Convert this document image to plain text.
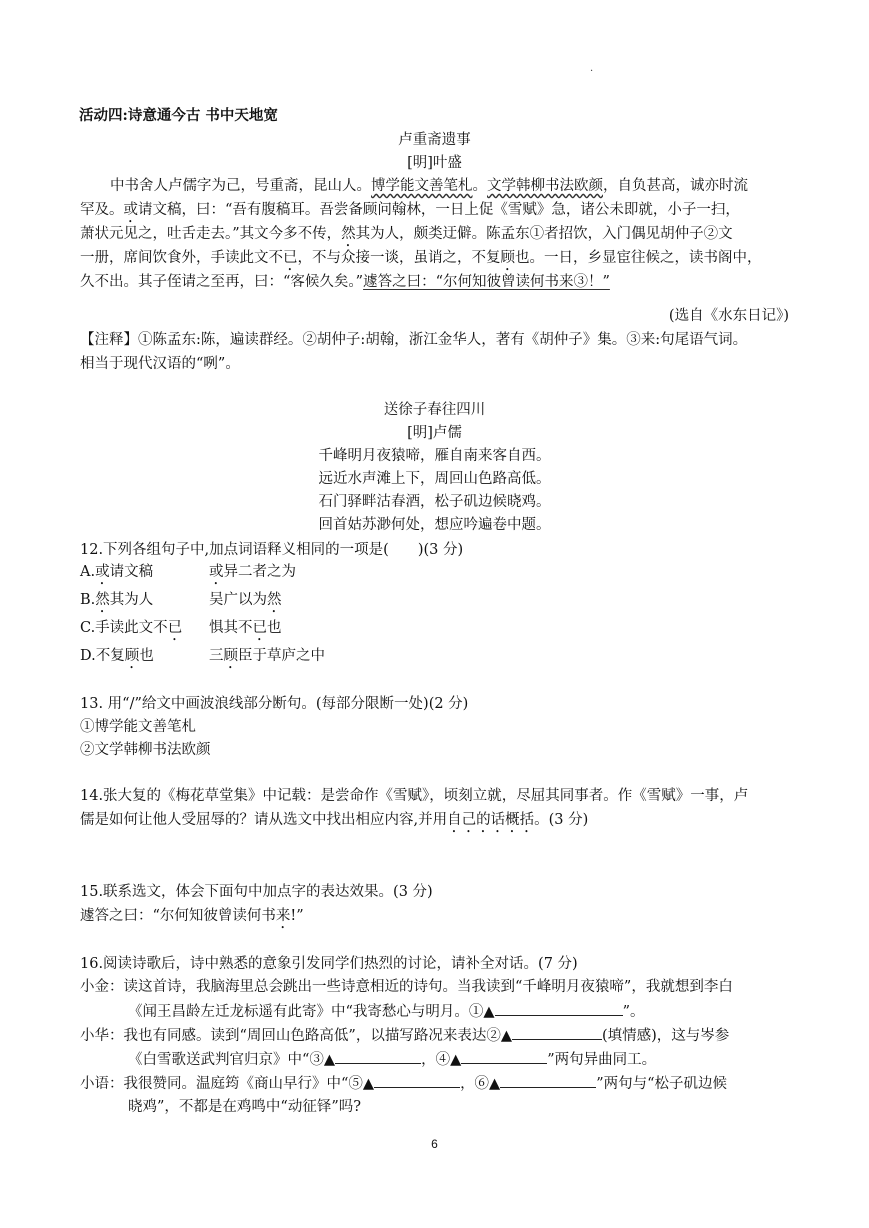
·
活动四:诗意通今古 书中天地宽
卢重斋遗事
[明]叶盛
中书舍人卢儒字为己，号重斋，昆山人。博学能文善笔札。文学韩柳书法欧颜，自负甚高，诚亦时流
罕及。或请文稿，曰：“吾有腹稿耳。吾尝备顾问翰林，一日上促《雪赋》急，诸公未即就，小子一扫，
萧状元见之，吐舌走去。”其文今多不传，然其为人，颇类迂僻。陈孟东①者招饮，入门偶见胡仲子②文
一册，席间饮食外，手读此文不已，不与众接一谈，虽诮之，不复顾也。一日，乡显宦往候之，读书阁中，
久不出。其子侄请之至再，曰：“客候久矣。”遽答之曰：“尔何知彼曾读何书来③！”
(选自《水东日记》)
【注释】①陈孟东:陈，遍读群经。②胡仲子:胡翰，浙江金华人，著有《胡仲子》集。③来:句尾语气词。
相当于现代汉语的“咧”。
送徐子春往四川
[明]卢儒
千峰明月夜猿啼，雁自南来客自西。
远近水声滩上下，周回山色路高低。
石门驿畔沽春酒，松子矶边候晓鸡。
回首姑苏渺何处，想应吟遍卷中题。
12.下列各组句子中,加点词语释义相同的一项是(　　)(3 分)
A.或请文稿	或异二者之为
B.然其为人	吴广以为然
C.手读此文不已 惧其不已也
D.不复顾也	三顾臣于草庐之中
13. 用“/”给文中画波浪线部分断句。(每部分限断一处)(2 分)
①博学能文善笔札
②文学韩柳书法欧颜
14.张大复的《梅花草堂集》中记载：是尝命作《雪赋》，顷刻立就，尽屈其同事者。作《雪赋》一事，卢
儒是如何让他人受屈辱的？请从选文中找出相应内容,并用自己的话概括。(3 分)
15.联系选文，体会下面句中加点字的表达效果。(3 分)
遽答之曰：“尔何知彼曾读何书来!”
16.阅读诗歌后，诗中熟悉的意象引发同学们热烈的讨论，请补全对话。(7 分)
小金：读这首诗，我脑海里总会跳出一些诗意相近的诗句。当我读到“千峰明月夜猿啼”，我就想到李白
《闻王昌龄左迁龙标遥有此寄》中“我寄愁心与明月。①▲	”。
小华：我也有同感。读到“周回山色路高低”，以描写路况来表达②▲	(填情感)，这与岑参
《白雪歌送武判官归京》中“③▲	，④▲	”两句异曲同工。
小语：我很赞同。温庭筠《商山早行》中“⑤▲	，⑥▲	”两句与“松子矶边候
晓鸡”，不都是在鸡鸣中“动征铎”吗?
6
